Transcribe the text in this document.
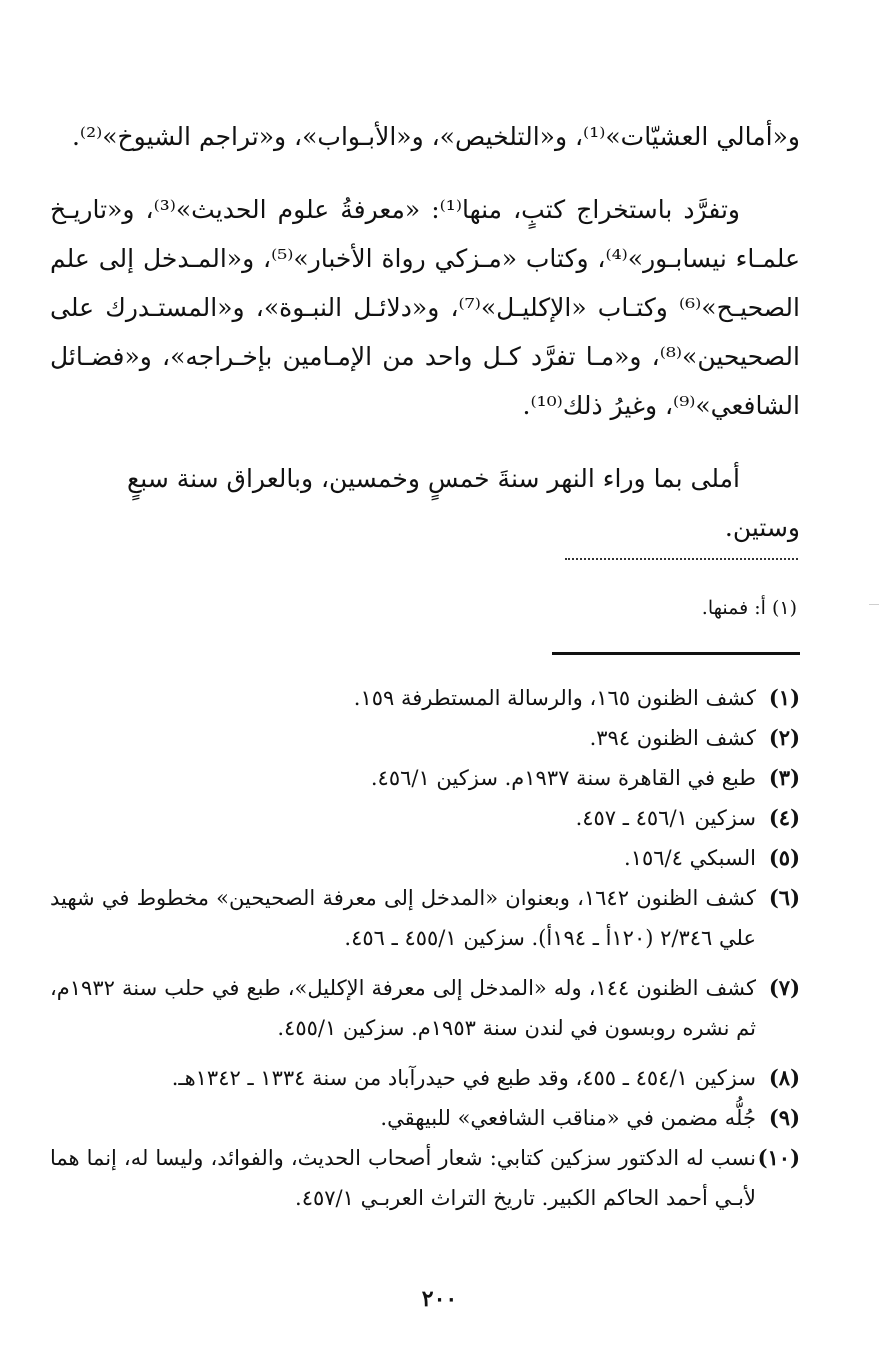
و«أمالي العشيّات»⁽¹⁾، و«التلخيص»، و«الأبـواب»، و«تراجم الشيوخ»⁽²⁾.

وتفرَّد باستخراج كتبٍ، منها⁽¹⁾: «معرفةُ علوم الحديث»⁽³⁾، و«تاريـخ علمـاء نيسابـور»⁽⁴⁾، وكتاب «مـزكي رواة الأخبار»⁽⁵⁾، و«المـدخل إلى علم الصحيـح»⁽⁶⁾ وكتـاب «الإكليـل»⁽⁷⁾، و«دلائـل النبـوة»، و«المستـدرك على الصحيحين»⁽⁸⁾، و«مـا تفرَّد كـل واحد من الإمـامين بإخـراجه»، و«فضـائل الشافعي»⁽⁹⁾، وغيرُ ذلك⁽¹⁰⁾.

أملى بما وراء النهر سنةَ خمسٍ وخمسين، وبالعراق سنة سبعٍ وستين.

(١) أ: فمنها.
(١)
كشف الظنون ١٦٥، والرسالة المستطرفة ١٥٩.
(٢)
كشف الظنون ٣٩٤.
(٣)
طبع في القاهرة سنة ١٩٣٧م. سزكين ٤٥٦/١.
(٤)
سزكين ٤٥٦/١ ـ ٤٥٧.
(٥)
السبكي ١٥٦/٤.
(٦)
كشف الظنون ١٦٤٢، وبعنوان «المدخل إلى معرفة الصحيحين» مخطوط في شهيد علي ٢/٣٤٦ (١٢٠أ ـ ١٩٤أ). سزكين ٤٥٥/١ ـ ٤٥٦.
(٧)
كشف الظنون ١٤٤، وله «المدخل إلى معرفة الإكليل»، طبع في حلب سنة ١٩٣٢م، ثم نشره روبسون في لندن سنة ١٩٥٣م. سزكين ٤٥٥/١.
(٨)
سزكين ٤٥٤/١ ـ ٤٥٥، وقد طبع في حيدرآباد من سنة ١٣٣٤ ـ ١٣٤٢هـ.
(٩)
جُلُّه مضمن في «مناقب الشافعي» للبيهقي.
(١٠)
نسب له الدكتور سزكين كتابي: شعار أصحاب الحديث، والفوائد، وليسا له، إنما هما لأبـي أحمد الحاكم الكبير. تاريخ التراث العربـي ٤٥٧/١.
٢٠٠
